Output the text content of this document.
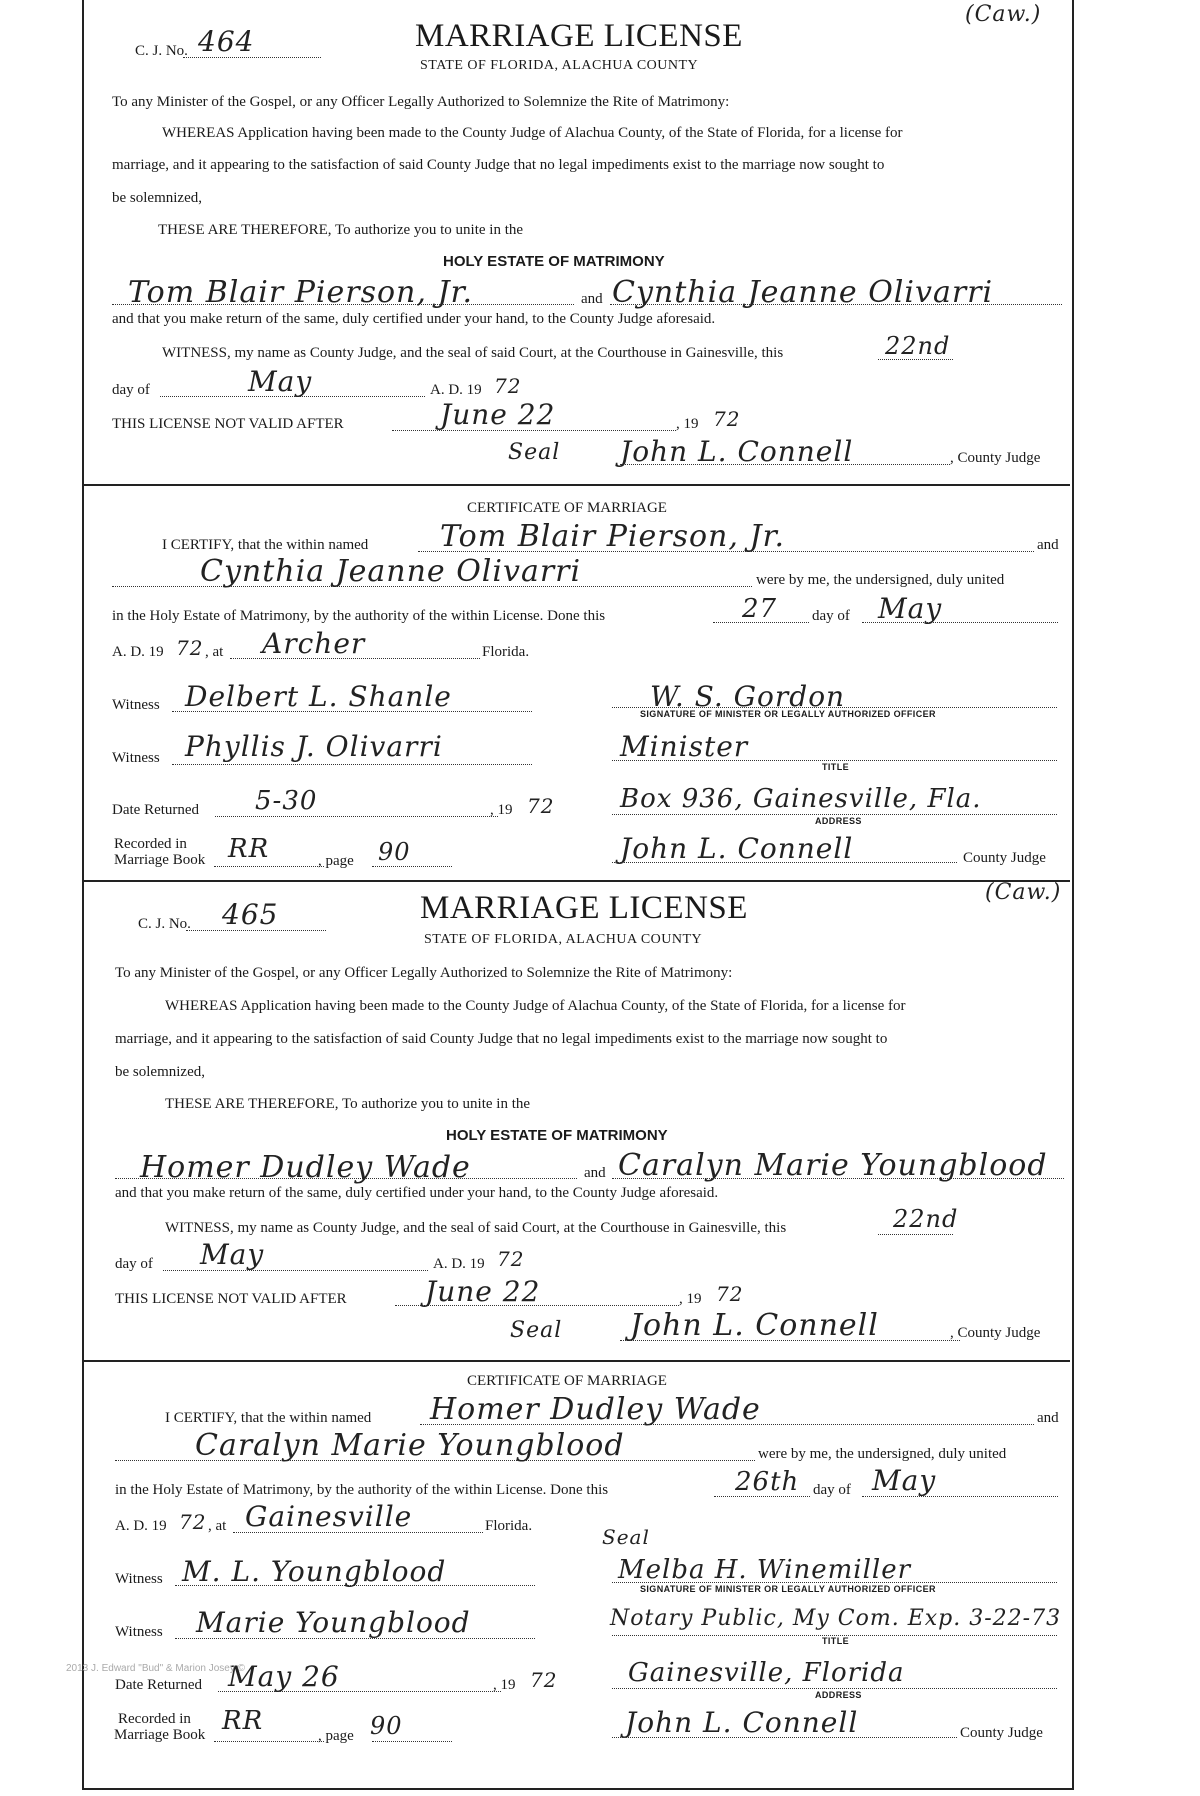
C. J. No. 464	MARRIAGE LICENSE
(Caw.)
STATE OF FLORIDA, ALACHUA COUNTY
To any Minister of the Gospel, or any Officer Legally Authorized to Solemnize the Rite of Matrimony:
WHEREAS Application having been made to the County Judge of Alachua County, of the State of Florida, for a license for
marriage, and it appearing to the satisfaction of said County Judge that no legal impediments exist to the marriage now sought to
be solemnized,
THESE ARE THEREFORE, To authorize you to unite in the
HOLY ESTATE OF MATRIMONY
Tom Blair Pierson, Jr.	and Cynthia Jeanne Olivarri
and that you make return of the same, duly certified under your hand, to the County Judge aforesaid.
WITNESS, my name as County Judge, and the seal of said Court, at the Courthouse in Gainesville, this	22nd
day of	May	A. D. 19 72
THIS LICENSE NOT VALID AFTER	June 22	, 19 72
Seal John L. Connell	, County Judge
CERTIFICATE OF MARRIAGE
I CERTIFY, that the within named Tom Blair Pierson, Jr.	and
Cynthia Jeanne Olivarri	were by me, the undersigned, duly united
in the Holy Estate of Matrimony, by the authority of the within License. Done this	27 day of May
A. D. 19 72 , at Archer	Florida.
Witness Delbert L. Shanle	W. S. Gordon
SIGNATURE OF MINISTER OR LEGALLY AUTHORIZED OFFICER
Witness Phyllis J. Olivarri	Minister
TITLE
Date Returned 5-30	, 19 72	Box 936, Gainesville, Fla.
ADDRESS
Recorded in
Marriage Book RR	, page 90	John L. Connell	County Judge
C. J. No. 465	MARRIAGE LICENSE	(Caw.)
STATE OF FLORIDA, ALACHUA COUNTY
To any Minister of the Gospel, or any Officer Legally Authorized to Solemnize the Rite of Matrimony:
WHEREAS Application having been made to the County Judge of Alachua County, of the State of Florida, for a license for
marriage, and it appearing to the satisfaction of said County Judge that no legal impediments exist to the marriage now sought to
be solemnized,
THESE ARE THEREFORE, To authorize you to unite in the
HOLY ESTATE OF MATRIMONY
Homer Dudley Wade	and Caralyn Marie Youngblood
and that you make return of the same, duly certified under your hand, to the County Judge aforesaid.
WITNESS, my name as County Judge, and the seal of said Court, at the Courthouse in Gainesville, this	22nd
day of May	A. D. 19 72
THIS LICENSE NOT VALID AFTER	June 22	, 19 72
Seal John L. Connell	, County Judge
CERTIFICATE OF MARRIAGE
I CERTIFY, that the within named Homer Dudley Wade	and
Caralyn Marie Youngblood	were by me, the undersigned, duly united
in the Holy Estate of Matrimony, by the authority of the within License. Done this	26th day of May
A. D. 19 72 , at Gainesville	Florida.	Seal
Witness M. L. Youngblood	Melba H. Winemiller
SIGNATURE OF MINISTER OR LEGALLY AUTHORIZED OFFICER
Witness Marie Youngblood	Notary Public, My Com. Exp. 3-22-73
TITLE
Date Returned May 26	, 19 72	Gainesville, Florida
ADDRESS
Recorded in
Marriage Book RR	, page 90	John L. Connell	County Judge
2013 J. Edward "Bud" & Marion Josey ©
